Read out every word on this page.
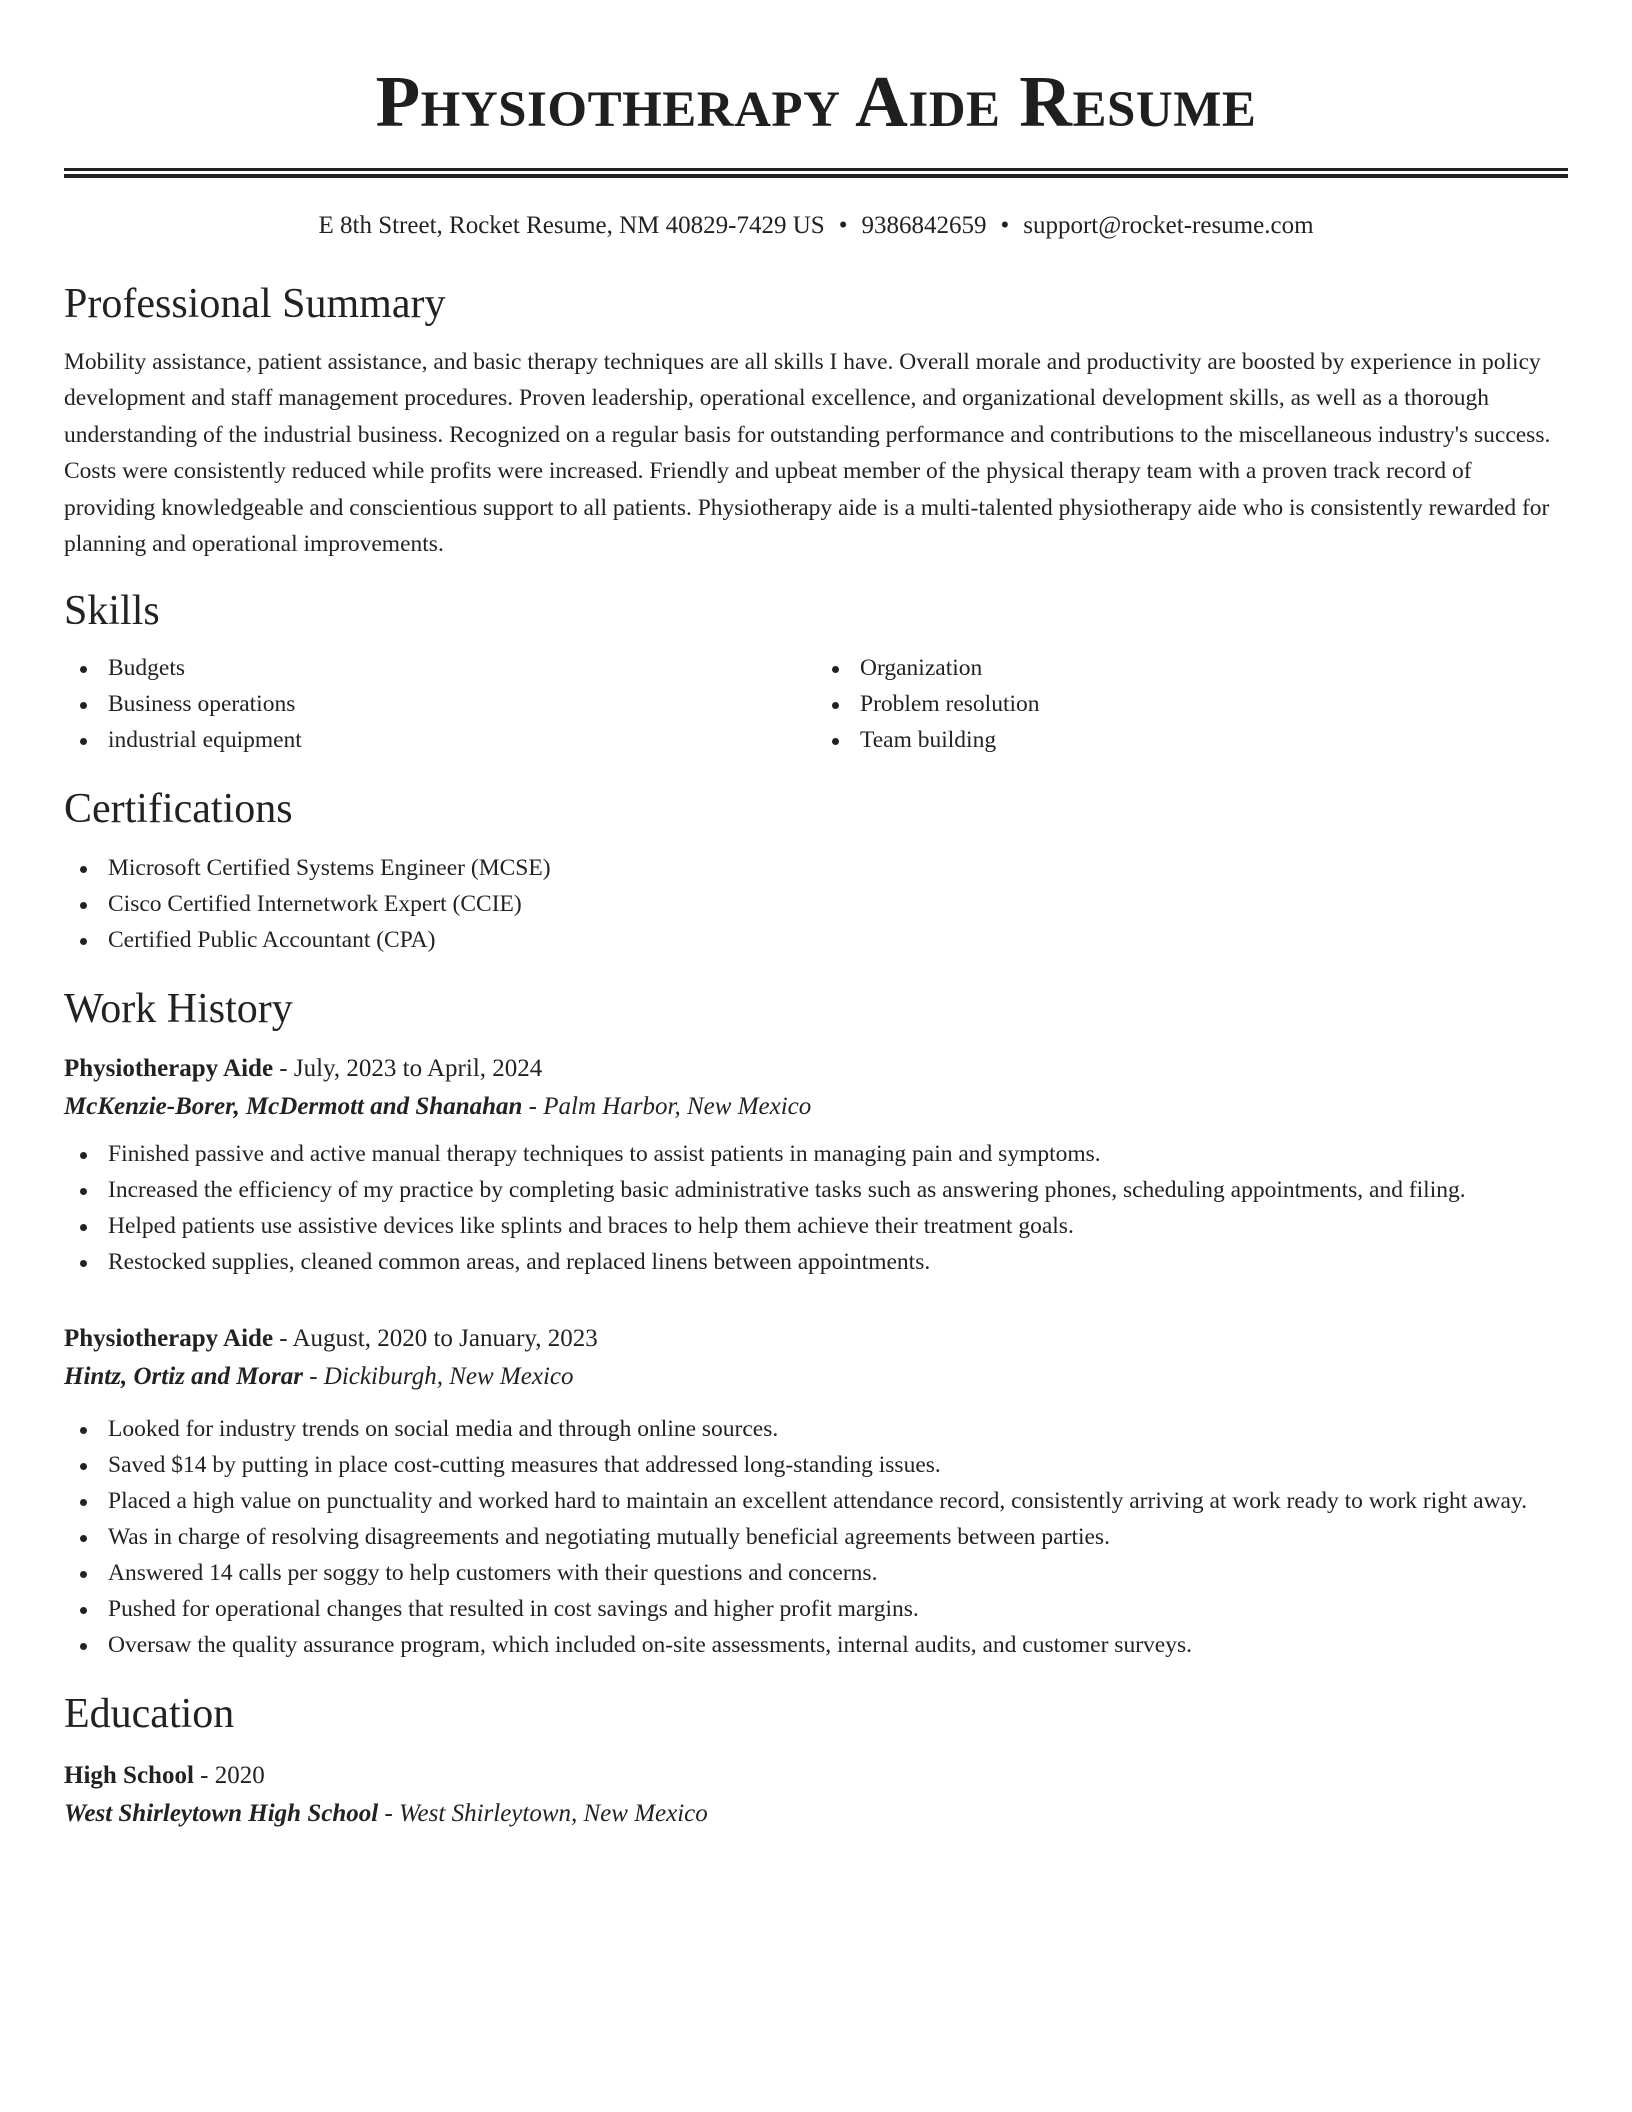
Physiotherapy Aide Resume
E 8th Street, Rocket Resume, NM 40829-7429 US • 9386842659 • support@rocket-resume.com
Professional Summary

Mobility assistance, patient assistance, and basic therapy techniques are all skills I have. Overall morale and productivity are boosted by experience in policy development and staff management procedures. Proven leadership, operational excellence, and organizational development skills, as well as a thorough understanding of the industrial business. Recognized on a regular basis for outstanding performance and contributions to the miscellaneous industry's success. Costs were consistently reduced while profits were increased. Friendly and upbeat member of the physical therapy team with a proven track record of providing knowledgeable and conscientious support to all patients. Physiotherapy aide is a multi-talented physiotherapy aide who is consistently rewarded for planning and operational improvements.

Skills
Budgets
Business operations
industrial equipment
Organization
Problem resolution
Team building
Certifications
Microsoft Certified Systems Engineer (MCSE)
Cisco Certified Internetwork Expert (CCIE)
Certified Public Accountant (CPA)
Work History
Physiotherapy Aide - July, 2023 to April, 2024
McKenzie-Borer, McDermott and Shanahan - Palm Harbor, New Mexico
Finished passive and active manual therapy techniques to assist patients in managing pain and symptoms.
Increased the efficiency of my practice by completing basic administrative tasks such as answering phones, scheduling appointments, and filing.
Helped patients use assistive devices like splints and braces to help them achieve their treatment goals.
Restocked supplies, cleaned common areas, and replaced linens between appointments.
Physiotherapy Aide - August, 2020 to January, 2023
Hintz, Ortiz and Morar - Dickiburgh, New Mexico
Looked for industry trends on social media and through online sources.
Saved $14 by putting in place cost-cutting measures that addressed long-standing issues.
Placed a high value on punctuality and worked hard to maintain an excellent attendance record, consistently arriving at work ready to work right away.
Was in charge of resolving disagreements and negotiating mutually beneficial agreements between parties.
Answered 14 calls per soggy to help customers with their questions and concerns.
Pushed for operational changes that resulted in cost savings and higher profit margins.
Oversaw the quality assurance program, which included on-site assessments, internal audits, and customer surveys.
Education
High School - 2020
West Shirleytown High School - West Shirleytown, New Mexico
